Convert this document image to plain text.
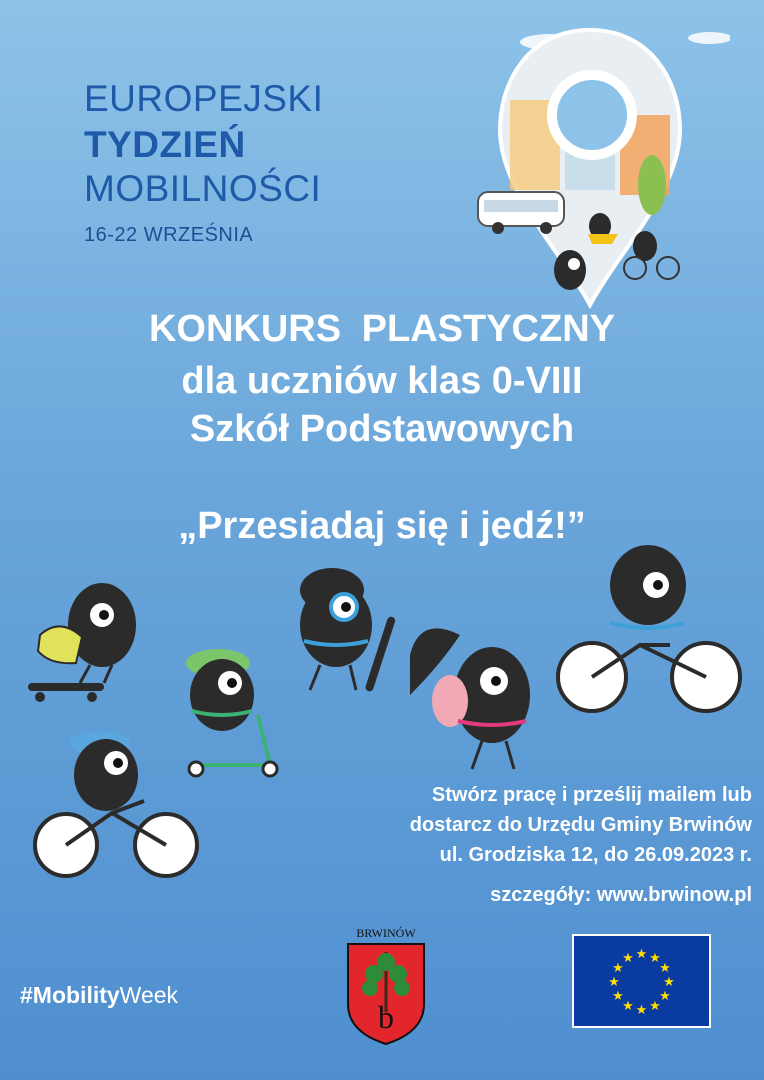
EUROPEJSKI
TYDZIEŃ
MOBILNOŚCI
16-22 WRZEŚNIA
KONKURS PLASTYCZNY
dla uczniów klas 0-VIII
Szkół Podstawowych
„Przesiadaj się i jedź!”
Stwórz pracę i prześlij mailem lub
dostarcz do Urzędu Gminy Brwinów
ul. Grodziska 12, do 26.09.2023 r.
szczegóły: www.brwinow.pl
#MobilityWeek
BRWINÓW
b
★ ★
★
★
★
★
★
★
★
★
★
★
